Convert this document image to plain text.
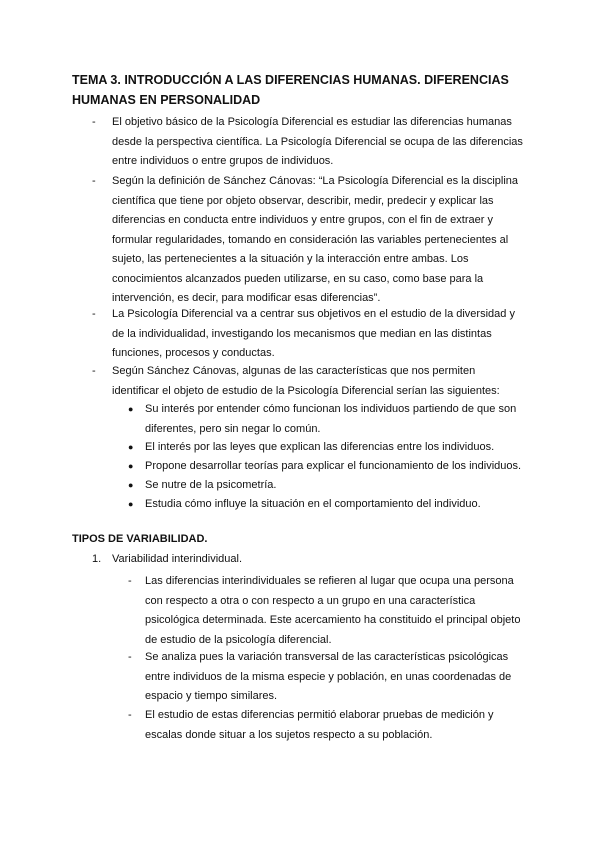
TEMA 3. INTRODUCCIÓN A LAS DIFERENCIAS HUMANAS. DIFERENCIAS HUMANAS EN PERSONALIDAD
- El objetivo básico de la Psicología Diferencial es estudiar las diferencias humanas desde la perspectiva científica. La Psicología Diferencial se ocupa de las diferencias entre individuos o entre grupos de individuos.
- Según la definición de Sánchez Cánovas: “La Psicología Diferencial es la disciplina científica que tiene por objeto observar, describir, medir, predecir y explicar las diferencias en conducta entre individuos y entre grupos, con el fin de extraer y formular regularidades, tomando en consideración las variables pertenecientes al sujeto, las pertenecientes a la situación y la interacción entre ambas. Los conocimientos alcanzados pueden utilizarse, en su caso, como base para la intervención, es decir, para modificar esas diferencias”.
- La Psicología Diferencial va a centrar sus objetivos en el estudio de la diversidad y de la individualidad, investigando los mecanismos que median en las distintas funciones, procesos y conductas.
- Según Sánchez Cánovas, algunas de las características que nos permiten identificar el objeto de estudio de la Psicología Diferencial serían las siguientes:
● Su interés por entender cómo funcionan los individuos partiendo de que son diferentes, pero sin negar lo común.
● El interés por las leyes que explican las diferencias entre los individuos.
● Propone desarrollar teorías para explicar el funcionamiento de los individuos.
● Se nutre de la psicometría.
● Estudia cómo influye la situación en el comportamiento del individuo.
TIPOS DE VARIABILIDAD.
1. Variabilidad interindividual.
- Las diferencias interindividuales se refieren al lugar que ocupa una persona con respecto a otra o con respecto a un grupo en una característica psicológica determinada. Este acercamiento ha constituido el principal objeto de estudio de la psicología diferencial.
- Se analiza pues la variación transversal de las características psicológicas entre individuos de la misma especie y población, en unas coordenadas de espacio y tiempo similares.
- El estudio de estas diferencias permitió elaborar pruebas de medición y escalas donde situar a los sujetos respecto a su población.
